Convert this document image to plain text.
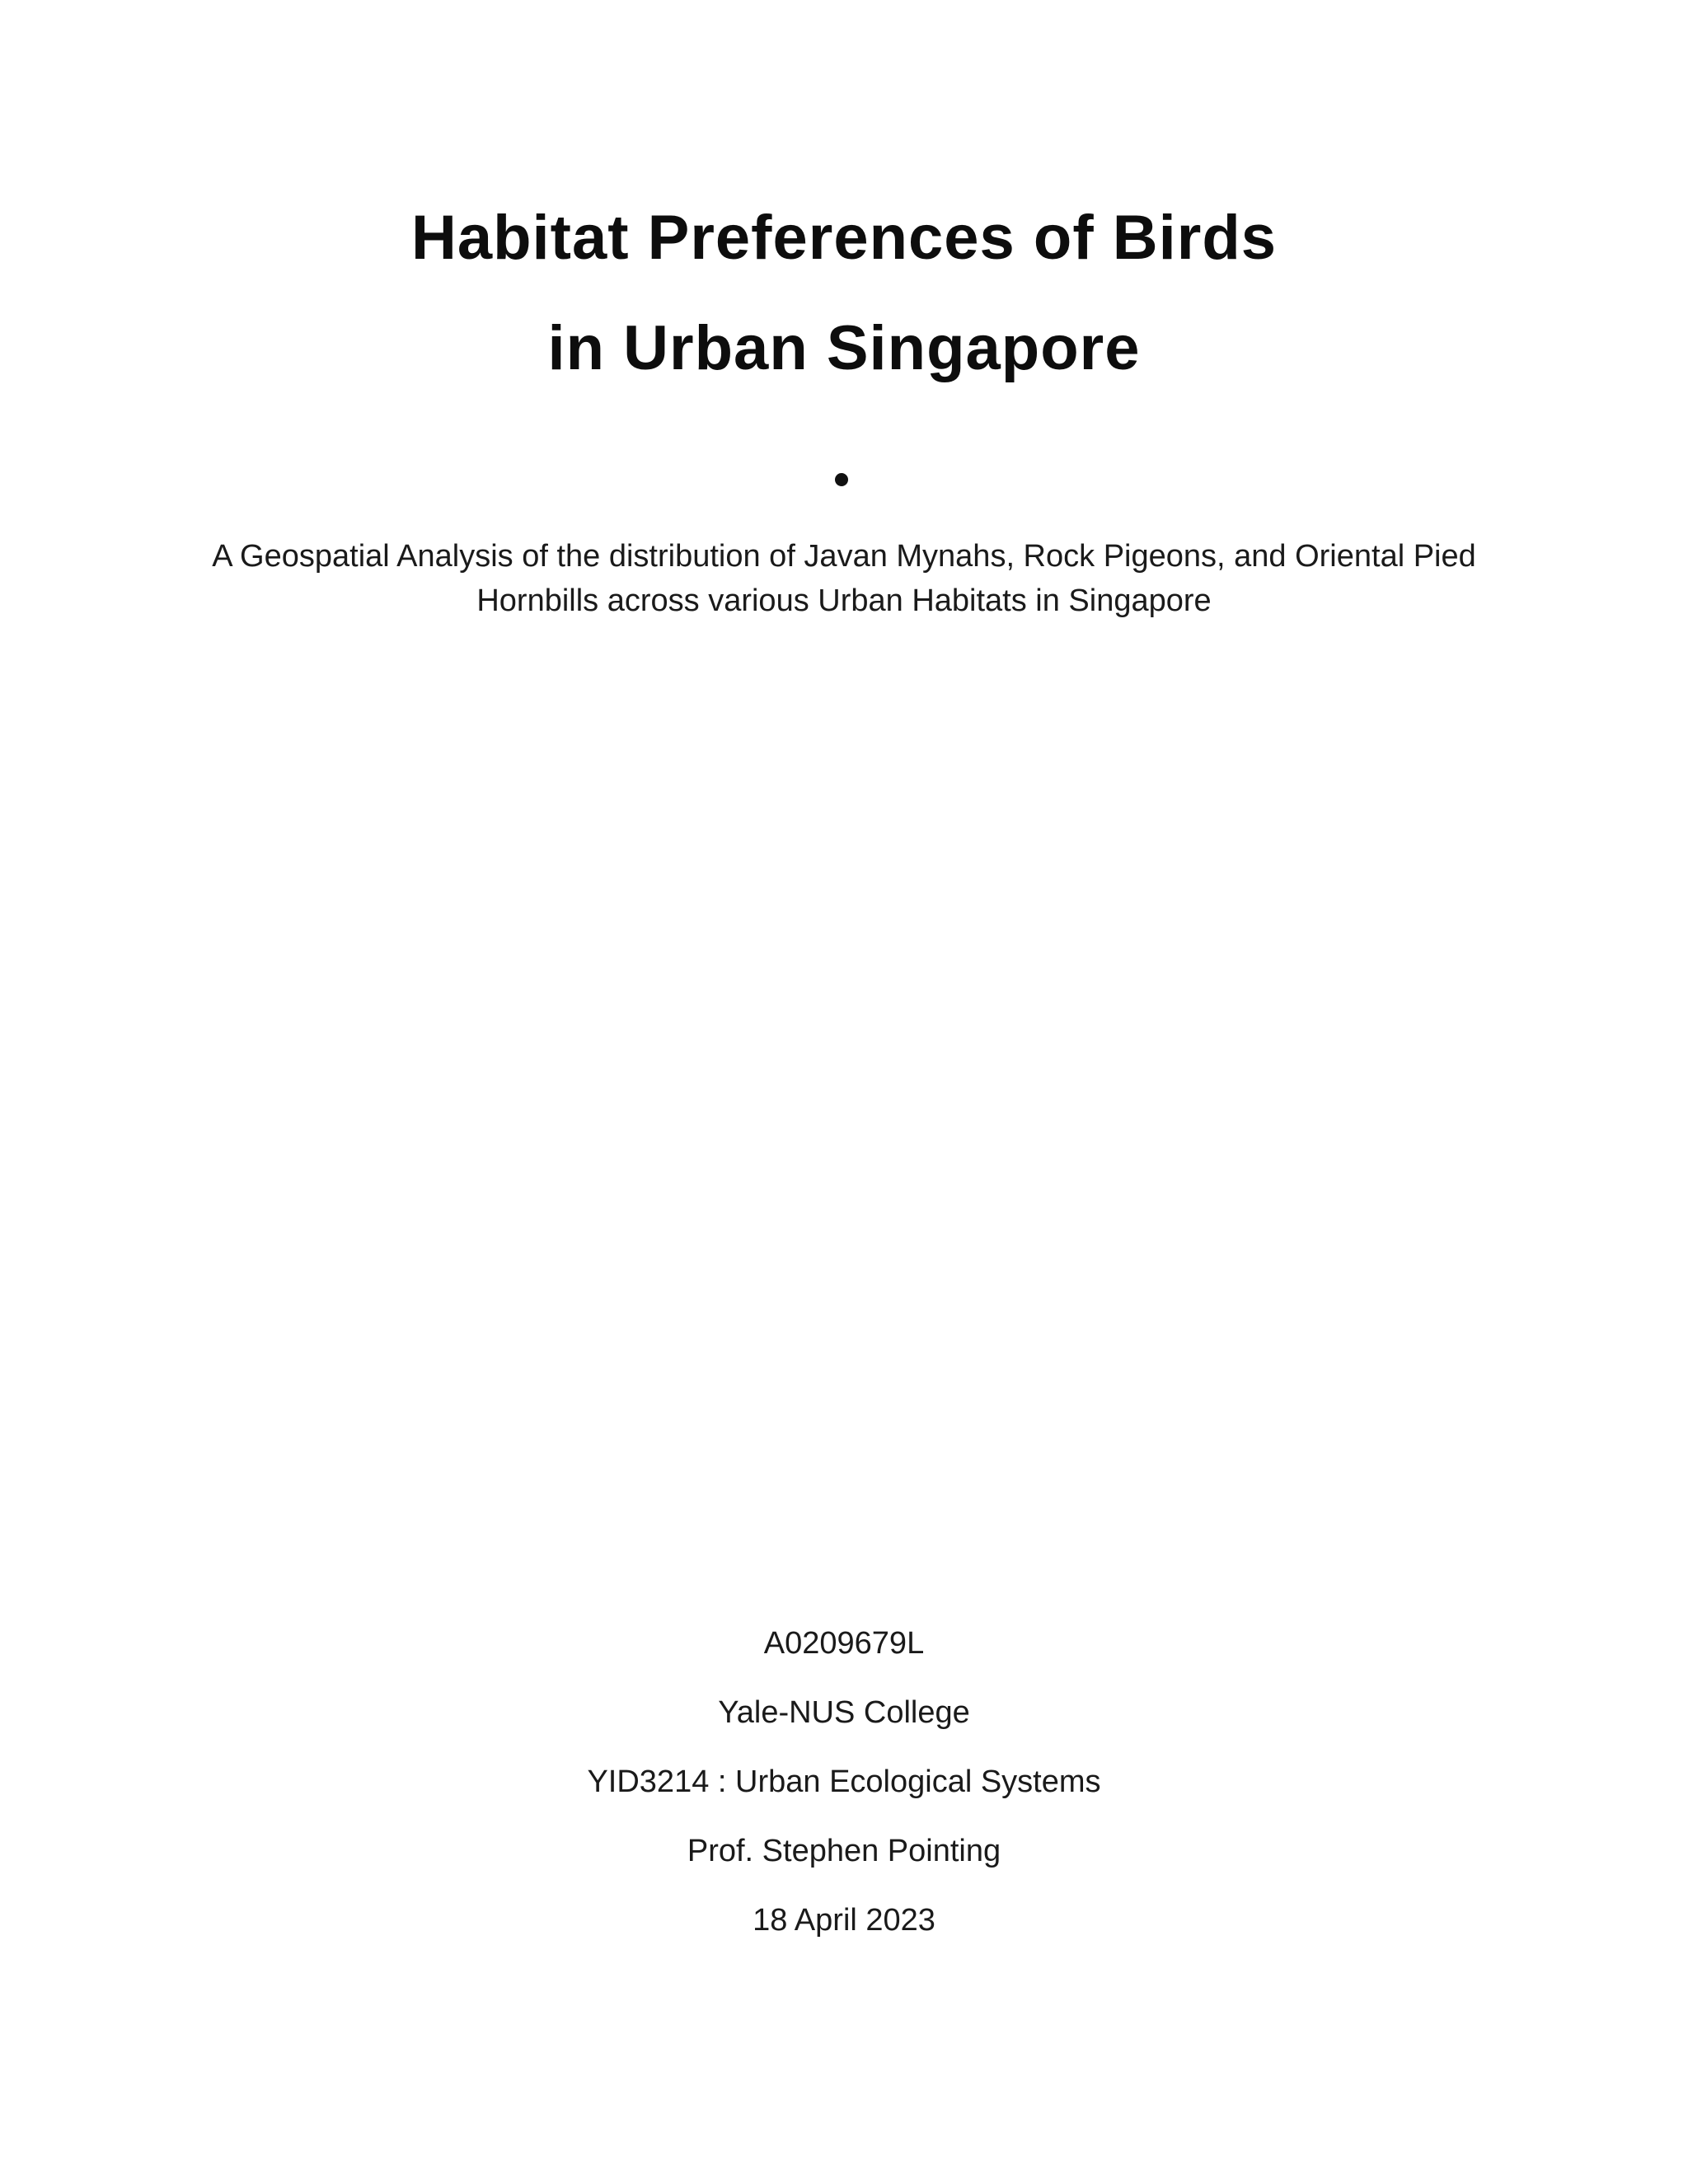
Habitat Preferences of Birds
in Urban Singapore
A Geospatial Analysis of the distribution of Javan Mynahs, Rock Pigeons, and Oriental Pied Hornbills across various Urban Habitats in Singapore
A0209679L
Yale-NUS College
YID3214 : Urban Ecological Systems
Prof. Stephen Pointing
18 April 2023
